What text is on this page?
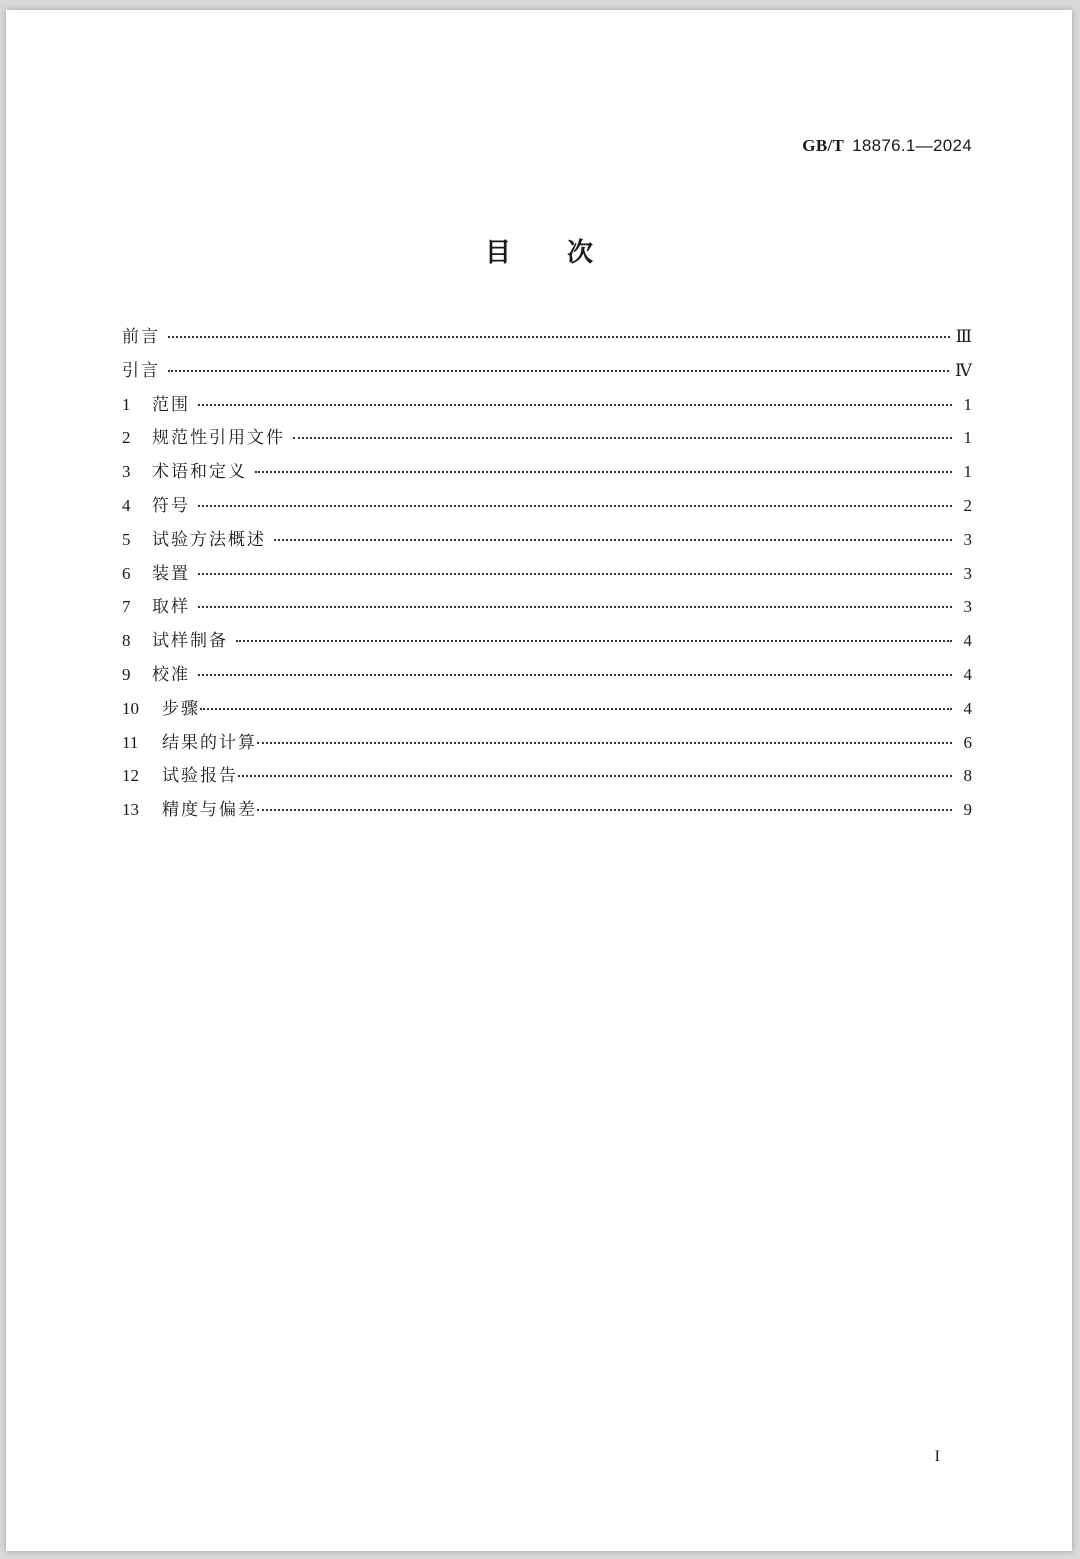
GB/T 18876.1—2024
目次
前言	Ⅲ
引言	Ⅳ
1	范围	1
2	规范性引用文件	1
3	术语和定义	1
4	符号	2
5	试验方法概述	3
6	装置	3
7	取样	3
8	试样制备	4
9	校准	4
10	步骤	4
11	结果的计算	6
12	试验报告	8
13	精度与偏差	9
I
